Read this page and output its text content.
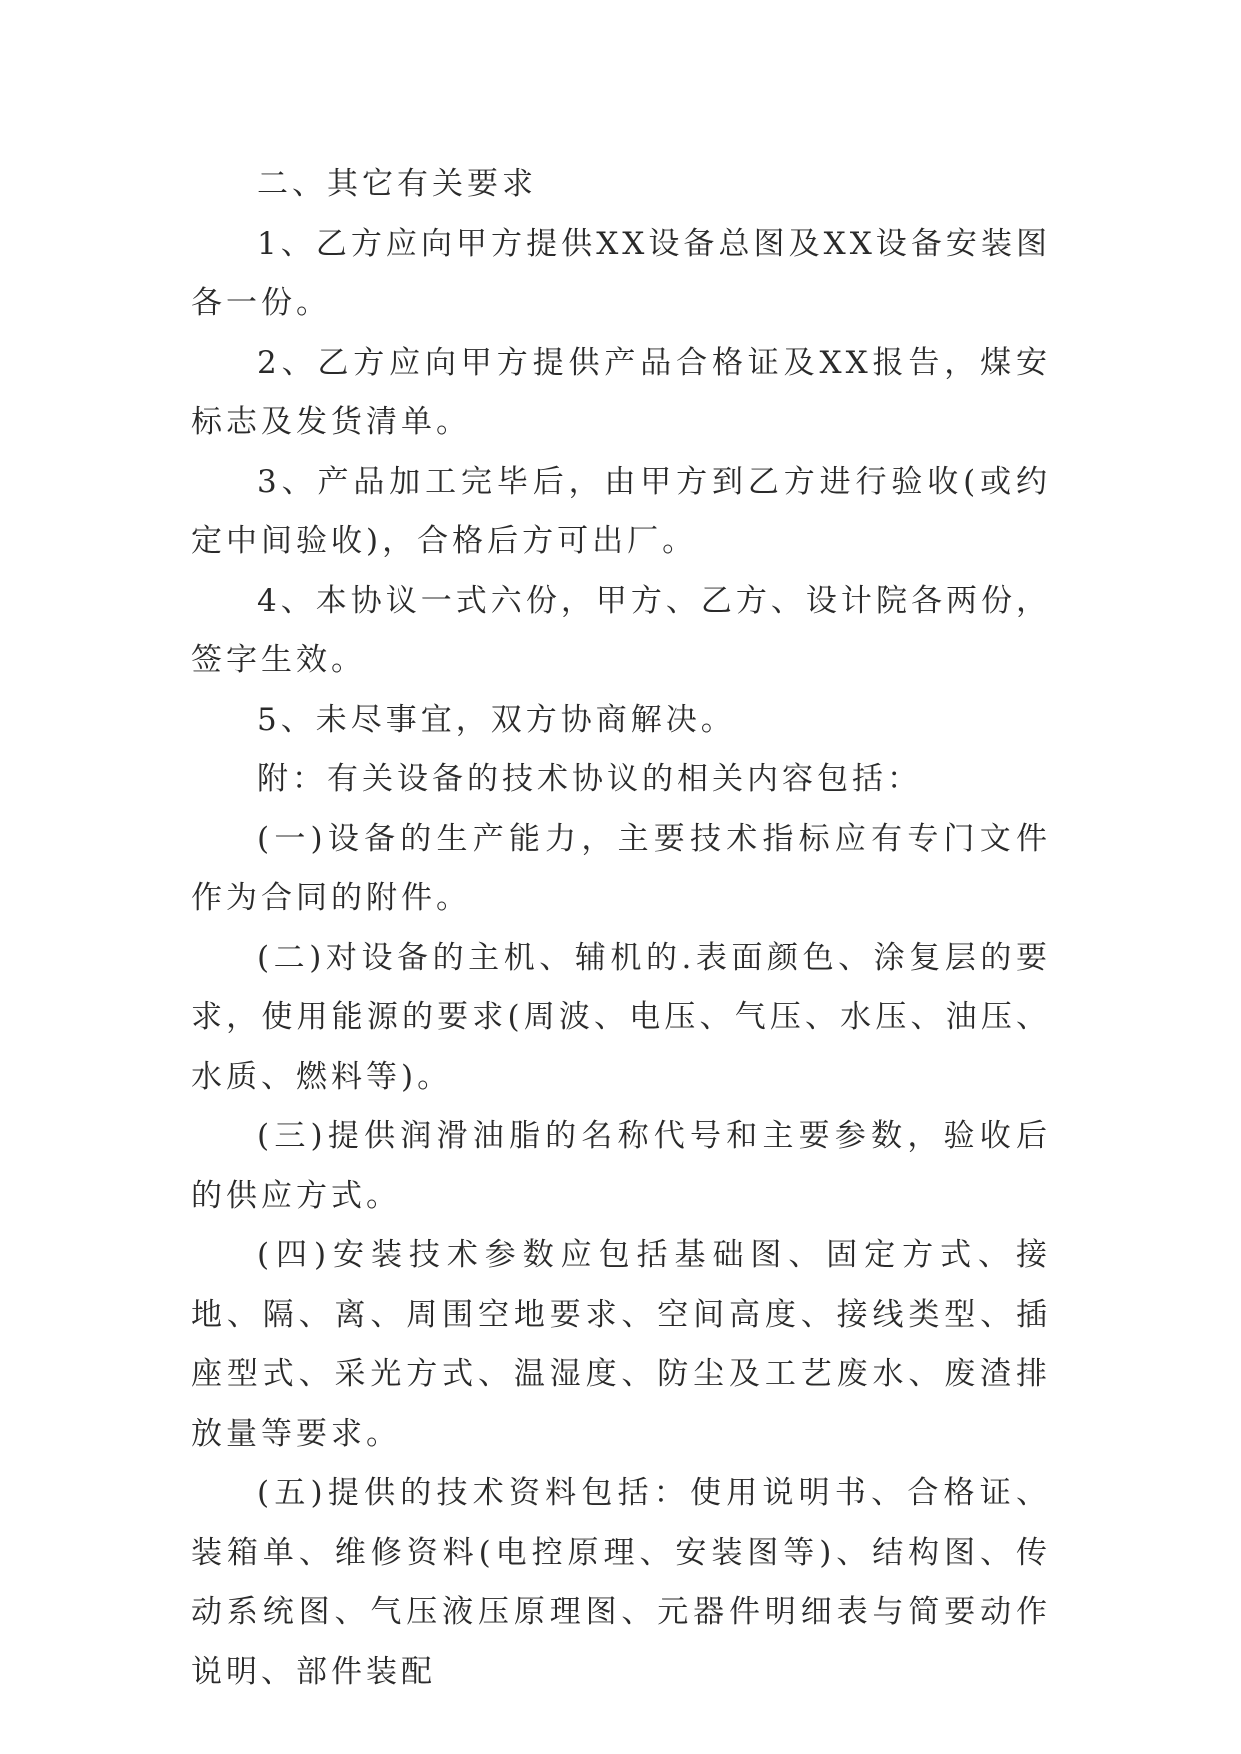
二、其它有关要求

1、乙方应向甲方提供XX设备总图及XX设备安装图各一份。

2、乙方应向甲方提供产品合格证及XX报告，煤安标志及发货清单。

3、产品加工完毕后，由甲方到乙方进行验收(或约定中间验收)，合格后方可出厂。

4、本协议一式六份，甲方、乙方、设计院各两份，签字生效。

5、未尽事宜，双方协商解决。

附：有关设备的技术协议的相关内容包括：

(一)设备的生产能力，主要技术指标应有专门文件作为合同的附件。

(二)对设备的主机、辅机的.表面颜色、涂复层的要求，使用能源的要求(周波、电压、气压、水压、油压、水质、燃料等)。

(三)提供润滑油脂的名称代号和主要参数，验收后的供应方式。

(四)安装技术参数应包括基础图、固定方式、接地、隔、离、周围空地要求、空间高度、接线类型、插座型式、采光方式、温湿度、防尘及工艺废水、废渣排放量等要求。

(五)提供的技术资料包括：使用说明书、合格证、装箱单、维修资料(电控原理、安装图等)、结构图、传动系统图、气压液压原理图、元器件明细表与简要动作说明、部件装配
